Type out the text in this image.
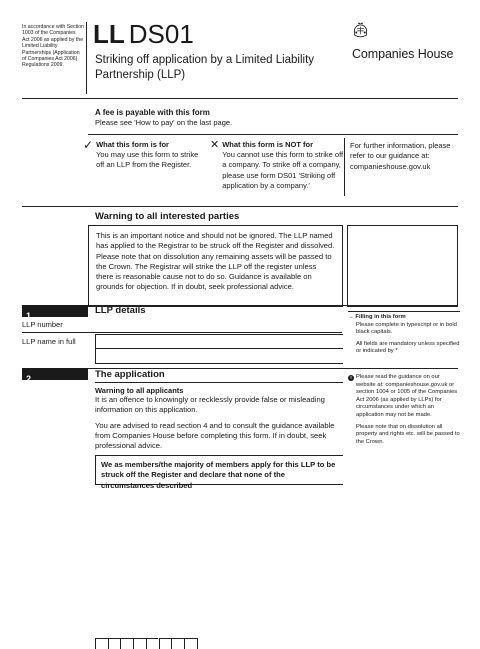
In accordance with Section 1003 of the Companies Act 2006 as applied by the Limited Liability Partnerships (Application of Companies Act 2006) Regulations 2009.
LL DS01
Striking off application by a Limited Liability Partnership (LLP)
Companies House
A fee is payable with this form
Please see 'How to pay' on the last page.
✓ What this form is for
You may use this form to strike off an LLP from the Register.
✕ What this form is NOT for
You cannot use this form to strike off a company. To strike off a company, please use form DS01 'Striking off application by a company.'
For further information, please refer to our guidance at: companieshouse.gov.uk
Warning to all interested parties
This is an important notice and should not be ignored. The LLP named has applied to the Registrar to be struck off the Register and dissolved. Please note that on dissolution any remaining assets will be passed to the Crown. The Registrar will strike the LLP off the register unless there is reasonable cause not to do so. Guidance is available on grounds for objection. If in doubt, seek professional advice.
1	LLP details
LLP number
LLP name in full
→ Filling in this form
Please complete in typescript or in bold black capitals.
All fields are mandatory unless specified or indicated by *
2	The application
Warning to all applicants
It is an offence to knowingly or recklessly provide false or misleading information on this application.
You are advised to read section 4 and to consult the guidance available from Companies House before completing this form. If in doubt, seek professional advice.
We as members/the majority of members apply for this LLP to be struck off the Register and declare that none of the circumstances described
! Please read the guidance on our website at: companieshouse.gov.uk or section 1004 or 1005 of the Companies Act 2006 (as applied by LLPs) for circumstances under which an application may not be made.
Please note that on dissolution all property and rights etc. will be passed to the Crown.
